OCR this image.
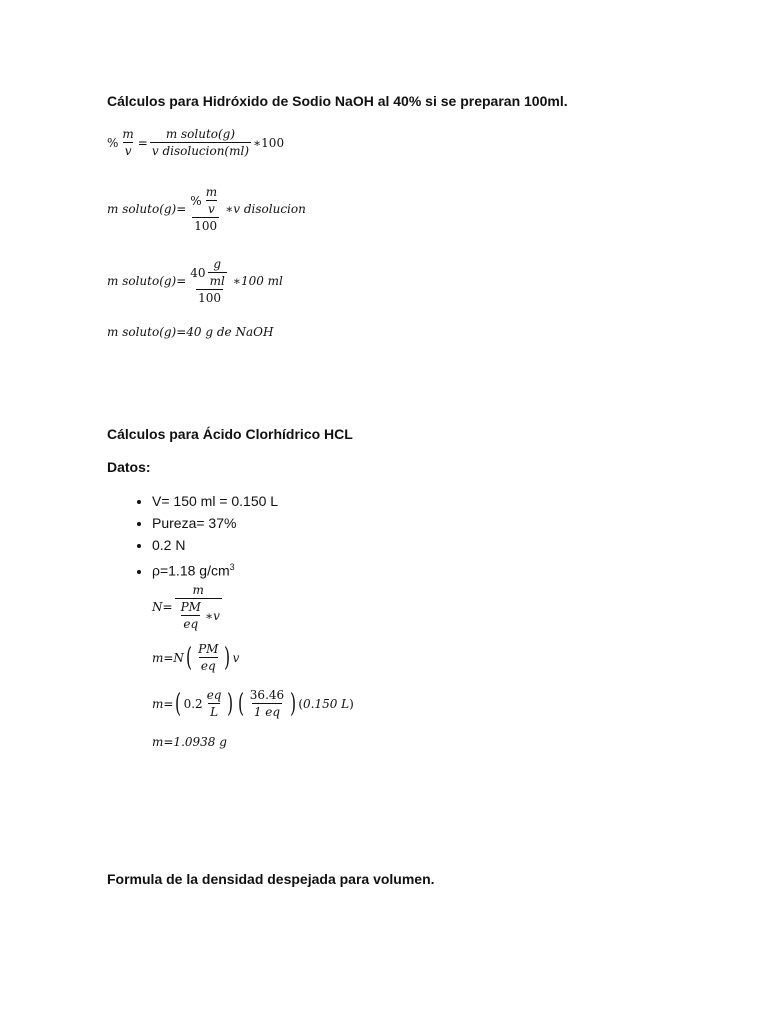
Cálculos para Hidróxido de Sodio NaOH al 40% si se preparan 100ml.
% $\frac{m}{v} = \frac{\text{m soluto(g)}}{\text{v disolucion(ml)}}$ ∗100
m soluto(g)= $\frac{\% \frac{m}{v}}{100}$ ∗v disolucion
m soluto(g)= $\frac{40 \frac{g}{ml}}{100}$ ∗100 ml
m soluto(g)=40 g de NaOH
Cálculos para Ácido Clorhídrico HCL
Datos:
• V= 150 ml = 0.150 L
• Pureza= 37%
• 0.2 N
• ρ=1.18 $g/cm^3$
$N= \frac{m}{\frac{PM}{eq} ∗v}$
m=N ( $\frac{PM}{eq}$ ) v
m= ( $0.2 \frac{eq}{L}$ ) ( $\frac{36.46}{1 eq}$ ) (0.150 L)
m=1.0938 g
Formula de la densidad despejada para volumen.
